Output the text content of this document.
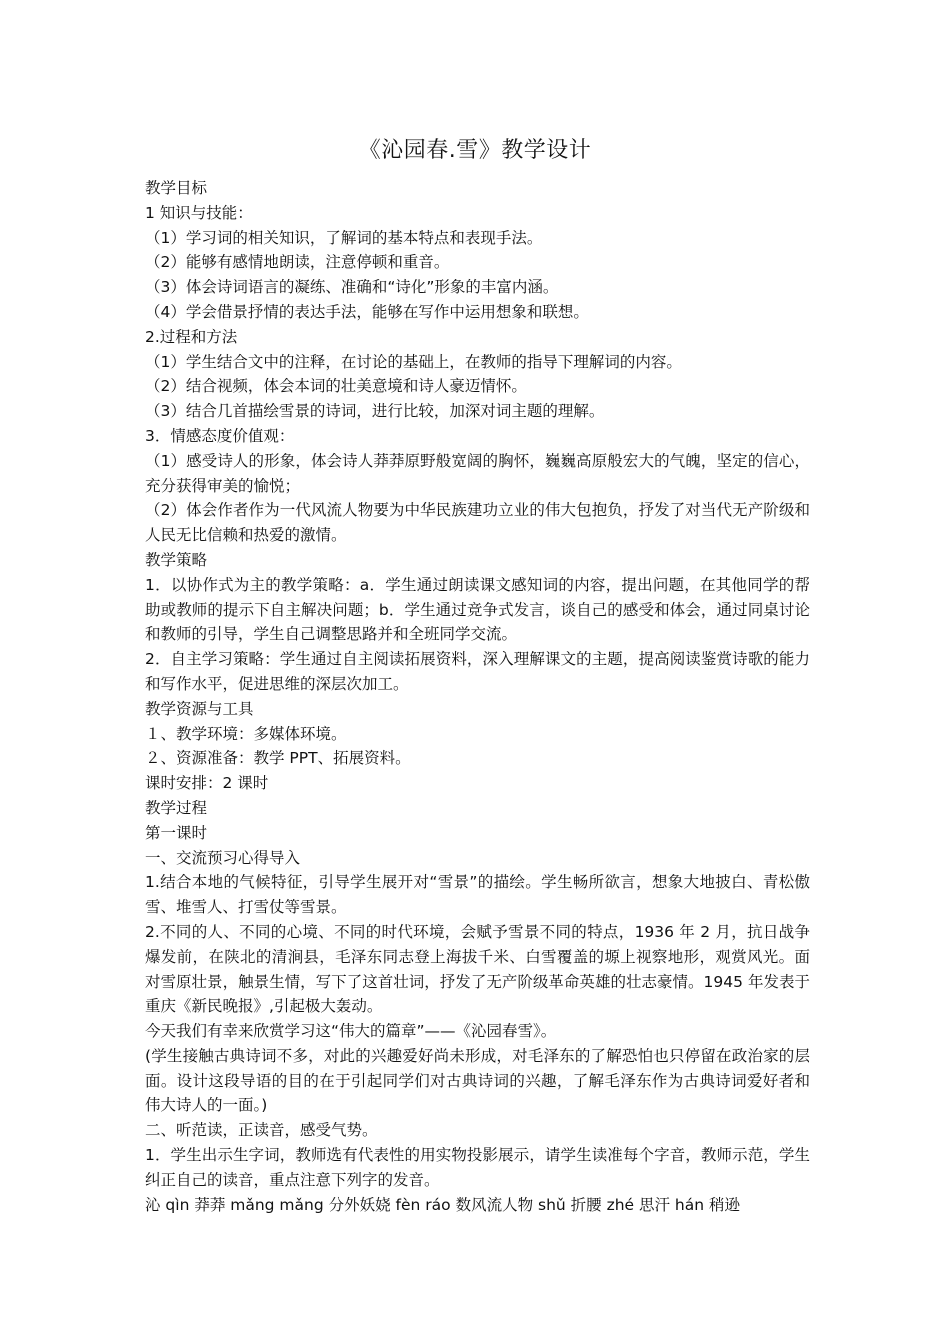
《沁园春.雪》教学设计

教学目标

1 知识与技能：

（1）学习词的相关知识，了解词的基本特点和表现手法。

（2）能够有感情地朗读，注意停顿和重音。

（3）体会诗词语言的凝练、准确和“诗化”形象的丰富内涵。

（4）学会借景抒情的表达手法，能够在写作中运用想象和联想。

2.过程和方法

（1）学生结合文中的注释，在讨论的基础上，在教师的指导下理解词的内容。

（2）结合视频，体会本词的壮美意境和诗人豪迈情怀。

（3）结合几首描绘雪景的诗词，进行比较，加深对词主题的理解。

3．情感态度价值观：

（1）感受诗人的形象，体会诗人莽莽原野般宽阔的胸怀，巍巍高原般宏大的气魄，坚定的信心，充分获得审美的愉悦；

（2）体会作者作为一代风流人物要为中华民族建功立业的伟大包抱负，抒发了对当代无产阶级和人民无比信赖和热爱的激情。

教学策略

1．以协作式为主的教学策略：a．学生通过朗读课文感知词的内容，提出问题，在其他同学的帮助或教师的提示下自主解决问题；b．学生通过竞争式发言，谈自己的感受和体会，通过同桌讨论和教师的引导，学生自己调整思路并和全班同学交流。

2．自主学习策略：学生通过自主阅读拓展资料，深入理解课文的主题，提高阅读鉴赏诗歌的能力和写作水平，促进思维的深层次加工。

教学资源与工具

１、教学环境：多媒体环境。

２、资源准备：教学 PPT、拓展资料。

课时安排：2 课时

教学过程

第一课时

一、交流预习心得导入

1.结合本地的气候特征，引导学生展开对“雪景”的描绘。学生畅所欲言，想象大地披白、青松傲雪、堆雪人、打雪仗等雪景。

2.不同的人、不同的心境、不同的时代环境，会赋予雪景不同的特点，1936 年 2 月，抗日战争爆发前，在陕北的清涧县，毛泽东同志登上海拔千米、白雪覆盖的塬上视察地形，观赏风光。面对雪原壮景，触景生情，写下了这首壮词，抒发了无产阶级革命英雄的壮志豪情。1945 年发表于重庆《新民晚报》,引起极大轰动。

今天我们有幸来欣赏学习这“伟大的篇章”——《沁园春雪》。

(学生接触古典诗词不多，对此的兴趣爱好尚未形成，对毛泽东的了解恐怕也只停留在政治家的层面。设计这段导语的目的在于引起同学们对古典诗词的兴趣，了解毛泽东作为古典诗词爱好者和伟大诗人的一面。)

二、听范读，正读音，感受气势。

1．学生出示生字词，教师选有代表性的用实物投影展示，请学生读准每个字音，教师示范，学生纠正自己的读音，重点注意下列字的发音。

沁 qìn 莽莽 mǎng mǎng 分外妖娆 fèn ráo 数风流人物 shǔ 折腰 zhé 思汗 hán 稍逊
